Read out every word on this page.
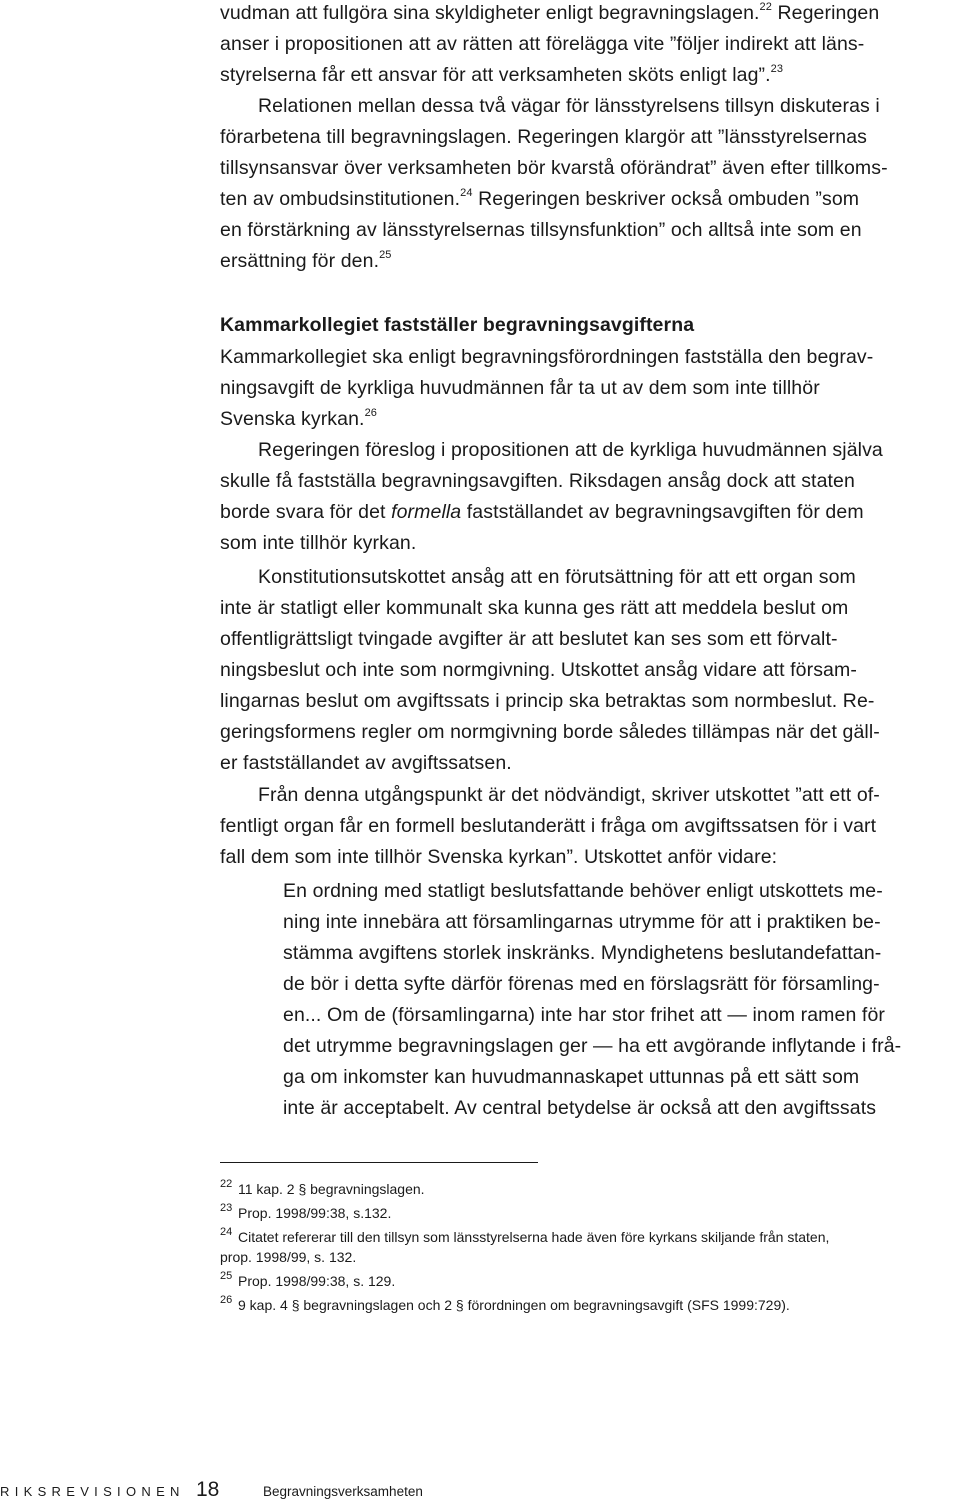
vudman att fullgöra sina skyldigheter enligt begravningslagen.$^{22}$ Regeringen
anser i propositionen att av rätten att förelägga vite ”följer indirekt att läns-
styrelserna får ett ansvar för att verksamheten sköts enligt lag”.$^{23}$
Relationen mellan dessa två vägar för länsstyrelsens tillsyn diskuteras i
förarbetena till begravningslagen. Regeringen klargör att ”länsstyrelsernas
tillsynsansvar över verksamheten bör kvarstå oförändrat” även efter tillkoms-
ten av ombudsinstitutionen.$^{24}$ Regeringen beskriver också ombuden ”som
en förstärkning av länsstyrelsernas tillsynsfunktion” och alltså inte som en
ersättning för den.$^{25}$
Kammarkollegiet fastställer begravningsavgifterna
Kammarkollegiet ska enligt begravningsförordningen fastställa den begrav-
ningsavgift de kyrkliga huvudmännen får ta ut av dem som inte tillhör
Svenska kyrkan.$^{26}$
Regeringen föreslog i propositionen att de kyrkliga huvudmännen själva
skulle få fastställa begravningsavgiften. Riksdagen ansåg dock att staten
borde svara för det formella fastställandet av begravningsavgiften för dem
som inte tillhör kyrkan.
Konstitutionsutskottet ansåg att en förutsättning för att ett organ som
inte är statligt eller kommunalt ska kunna ges rätt att meddela beslut om
offentligrättsligt tvingade avgifter är att beslutet kan ses som ett förvalt-
ningsbeslut och inte som normgivning. Utskottet ansåg vidare att försam-
lingarnas beslut om avgiftssats i princip ska betraktas som normbeslut. Re-
geringsformens regler om normgivning borde således tillämpas när det gäll-
er fastställandet av avgiftssatsen.
Från denna utgångspunkt är det nödvändigt, skriver utskottet ”att ett of-
fentligt organ får en formell beslutanderätt i fråga om avgiftssatsen för i vart
fall dem som inte tillhör Svenska kyrkan”. Utskottet anför vidare:
En ordning med statligt beslutsfattande behöver enligt utskottets me-
ning inte innebära att församlingarnas utrymme för att i praktiken be-
stämma avgiftens storlek inskränks. Myndighetens beslutandefattan-
de bör i detta syfte därför förenas med en förslagsrätt för församling-
en... Om de (församlingarna) inte har stor frihet att — inom ramen för
det utrymme begravningslagen ger — ha ett avgörande inflytande i frå-
ga om inkomster kan huvudmannaskapet uttunnas på ett sätt som
inte är acceptabelt. Av central betydelse är också att den avgiftssats
22 11 kap. 2 § begravningslagen.
23 Prop. 1998/99:38, s.132.
24 Citatet refererar till den tillsyn som länsstyrelserna hade även före kyrkans skiljande från staten,
prop. 1998/99, s. 132.
25 Prop. 1998/99:38, s. 129.
26 9 kap. 4 § begravningslagen och 2 § förordningen om begravningsavgift (SFS 1999:729).
RIKSREVISIONEN 18	Begravningsverksamheten
